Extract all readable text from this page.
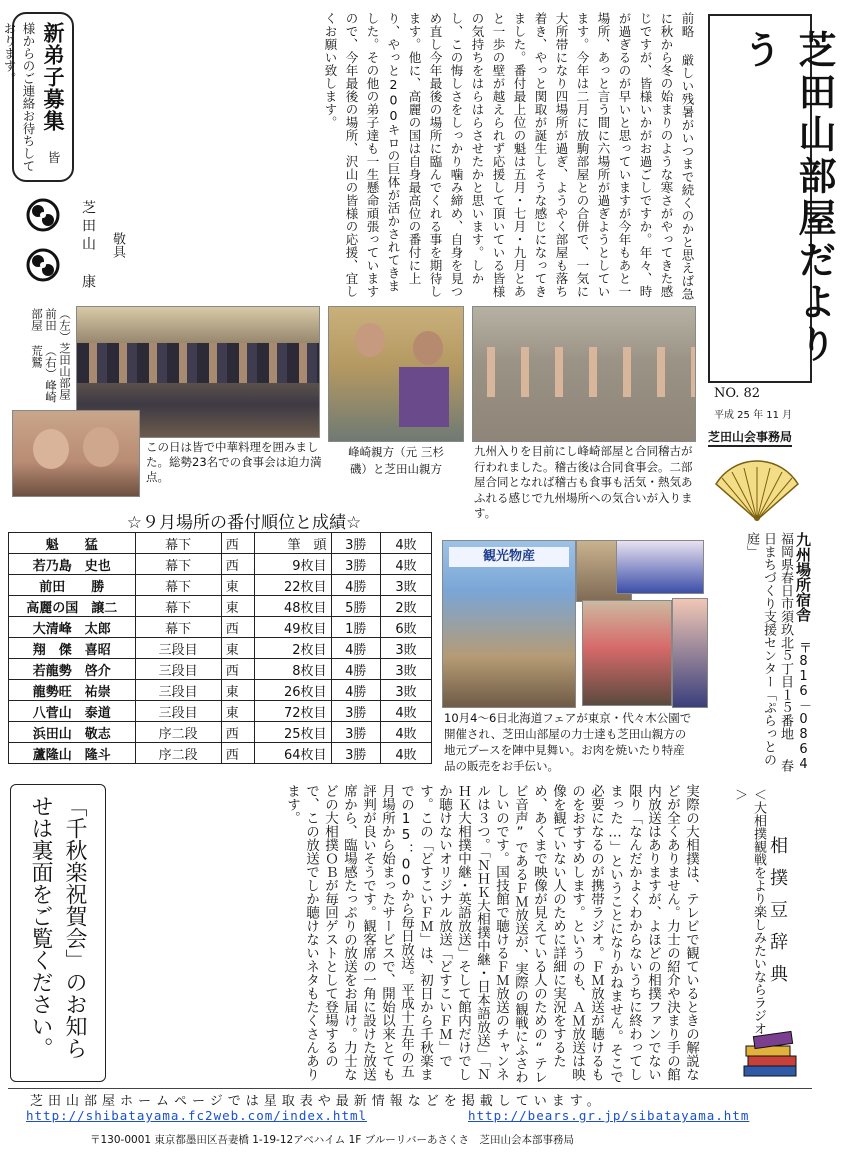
新弟子募集 皆様からのご連絡お待ちしております。
芝田山 康 敬具	前略 厳しい残暑がいつまで続くのかと思えば急に秋から冬の始まりのような寒さがやってきた感じですが、皆様いかがお過ごしですか。年々、時が過ぎるのが早いと思っていますが今年もあと一場所、あっと言う間に六場所が過ぎようとしています。今年は二月に放駒部屋との合併で、一気に大所帯になり四場所が過ぎ、ようやく部屋も落ち着き、やっと関取が誕生しそうな感じになってきました。番付最上位の魁は五月・七月・九月とあと一歩の壁が越えられず応援して頂いている皆様の気持ちをはらはらさせたかと思います。しかし、この悔しさをしっかり噛み締め、自身を見つめ直し今年最後の場所に臨んでくれる事を期待します。他に、高麗の国は自身最高位の番付に上り、やっと200キロの巨体が活かされてきました。その他の弟子達も一生懸命頑張っていますので、今年最後の場所、沢山の皆様の応援、宜しくお願い致します。	芝田山部屋だよりう
NO. 82
平成 25 年 11 月
芝田山会事務局
（左）芝田山部屋 前田 （右）峰崎部屋 荒鷲
この日は皆で中華料理を囲みました。総勢23名での食事会は迫力満点。
峰崎親方（元 三杉磯）と芝田山親方
九州入りを目前にし峰崎部屋と合同稽古が行われました。稽古後は合同食事会。二部屋合同となれば稽古も食事も活気・熱気あふれる感じで九州場所への気合いが入ります。
☆９月場所の番付順位と成績☆
魁　　猛	幕下	西	筆　頭	3勝	4敗
若乃島　史也	幕下	西	9枚目	3勝	4敗
前田　　勝	幕下	東	22枚目	4勝	3敗
高麗の国　譲二	幕下	東	48枚目	5勝	2敗
大清峰　太郎	幕下	西	49枚目	1勝	6敗
翔　傑　喜昭	三段目	東	2枚目	4勝	3敗
若龍勢　啓介	三段目	西	8枚目	4勝	3敗
龍勢旺　祐崇	三段目	東	26枚目	4勝	3敗
八菅山　泰道	三段目	東	72枚目	3勝	4敗
浜田山　敬志	序二段	西	25枚目	3勝	4敗
蘆隆山　隆斗	序二段	西	64枚目	3勝	4敗
九州場所宿舎 〒816－0864 福岡県春日市須玖北５丁目１５番地 春日まちづくり支援センター「ぷらっとの庭」
観光物産
10月4～6日北海道フェアが東京・代々木公園で開催され、芝田山部屋の力士達も芝田山親方の地元ブースを陣中見舞い。お肉を焼いたり特産品の販売をお手伝い。
「千秋楽祝賀会」のお知らせは裏面をご覧ください。	実際の大相撲は、テレビで観ているときの解説などが全くありません。力士の紹介や決まり手の館内放送はありますが、よほどの相撲ファンでない限り「なんだかよくわからないうちに終わってしまった…」ということになりかねません。そこで必要になるのが携帯ラジオ。ＦＭ放送が聴けるものをおすすめします。というのも、ＡＭ放送は映像を観ていない人のために詳細に実況をするため、あくまで映像が見えている人のための“テレビ音声”であるＦＭ放送が、実際の観戦にふさわしいのです。国技館で聴けるＦＭ放送のチャンネルは３つ。「ＮＨＫ大相撲中継・日本語放送」「ＮＨＫ大相撲中継・英語放送」そして館内だけでしか聴けないオリジナル放送「どすこいＦＭ」です。この「どすこいＦＭ」は、初日から千秋楽までの15：00から毎日放送。平成十五年の五月場所から始まったサービスで、開始以来とても評判が良いそうです。観客席の一角に設けた放送席から、臨場感たっぷりの放送をお届け。力士などの大相撲ＯＢが毎回ゲストとして登場するので、この放送でしか聴けないネタもたくさんあります。	＜大相撲観戦をより楽しみたいならラジオ＞
相撲豆辞典
芝田山部屋ホームページでは星取表や最新情報などを掲載しています。
http://shibatayama.fc2web.com/index.html	http://bears.gr.jp/sibatayama.htm
〒130-0001 東京都墨田区吾妻橋 1-19-12アベハイム 1F ブルーリバーあさくさ　芝田山会本部事務局
